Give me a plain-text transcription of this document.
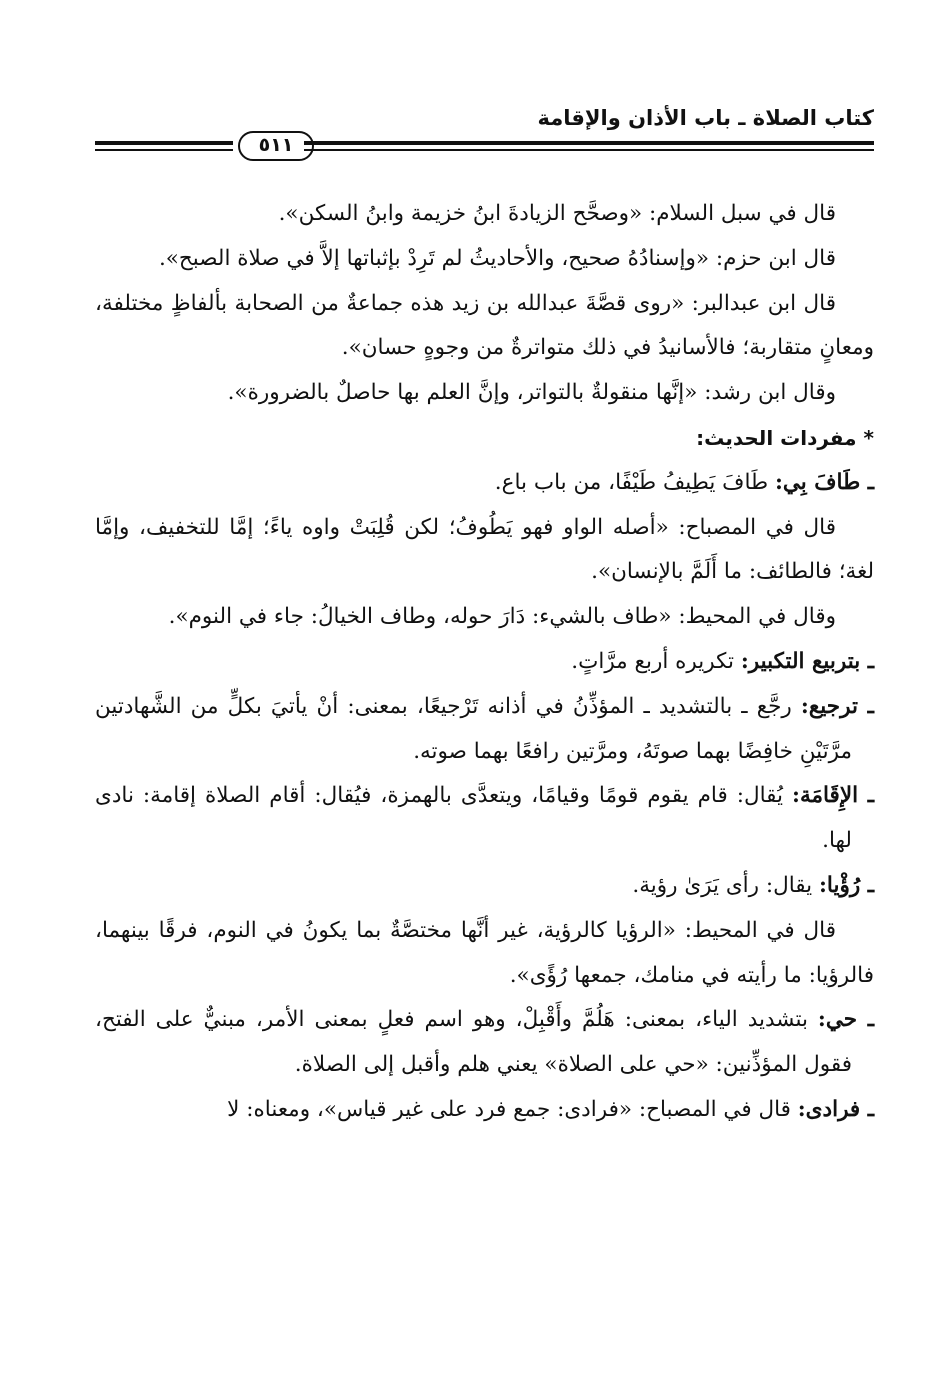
كتاب الصلاة ـ باب الأذان والإقامة
٥١١

قال في سبل السلام: «وصحَّح الزيادةَ ابنُ خزيمة وابنُ السكن».

قال ابن حزم: «وإسنادُهُ صحيح، والأحاديثُ لم تَرِدْ بإثباتها إلاَّ في صلاة الصبح».

قال ابن عبدالبر: «روى قصَّةَ عبدالله بن زيد هذه جماعةٌ من الصحابة بألفاظٍ مختلفة، ومعانٍ متقاربة؛ فالأسانيدُ في ذلك متواترةٌ من وجوهٍ حسان».

وقال ابن رشد: «إنَّها منقولةٌ بالتواتر، وإنَّ العلم بها حاصلٌ بالضرورة».

* مفردات الحديث:

ـ طَافَ بِي: طَافَ يَطِيفُ طَيْفًا، من باب باع.

قال في المصباح: «أصله الواو فهو يَطُوفُ؛ لكن قُلِبَتْ واوه ياءً؛ إمَّا للتخفيف، وإمَّا لغة؛ فالطائف: ما أَلَمَّ بالإنسان».

وقال في المحيط: «طاف بالشيء: دَارَ حوله، وطاف الخيالُ: جاء في النوم».

ـ بتربيع التكبير: تكريره أربع مرَّاتٍ.

ـ ترجيع: رجَّع ـ بالتشديد ـ المؤذِّنُ في أذانه تَرْجيعًا، بمعنى: أنْ يأتيَ بكلٍّ من الشَّهادتين مرَّتَيْنِ خافِضًا بهما صوتَهُ، ومرَّتين رافعًا بهما صوته.

ـ الإِقَامَة: يُقال: قام يقوم قومًا وقيامًا، ويتعدَّى بالهمزة، فيُقال: أقام الصلاة إقامة: نادى لها.

ـ رُؤْيا: يقال: رأى يَرَىٰ رؤية.

قال في المحيط: «الرؤيا كالرؤية، غير أنَّها مختصَّةٌ بما يكونُ في النوم، فرقًا بينهما، فالرؤيا: ما رأيته في منامك، جمعها رُؤًى».

ـ حي: بتشديد الياء، بمعنى: هَلُمَّ وأَقْبِلْ، وهو اسم فعلٍ بمعنى الأمر، مبنيٌّ على الفتح، فقول المؤذِّنين: «حي على الصلاة» يعني هلم وأقبل إلى الصلاة.

ـ فرادى: قال في المصباح: «فرادى: جمع فرد على غير قياس»، ومعناه: لا
